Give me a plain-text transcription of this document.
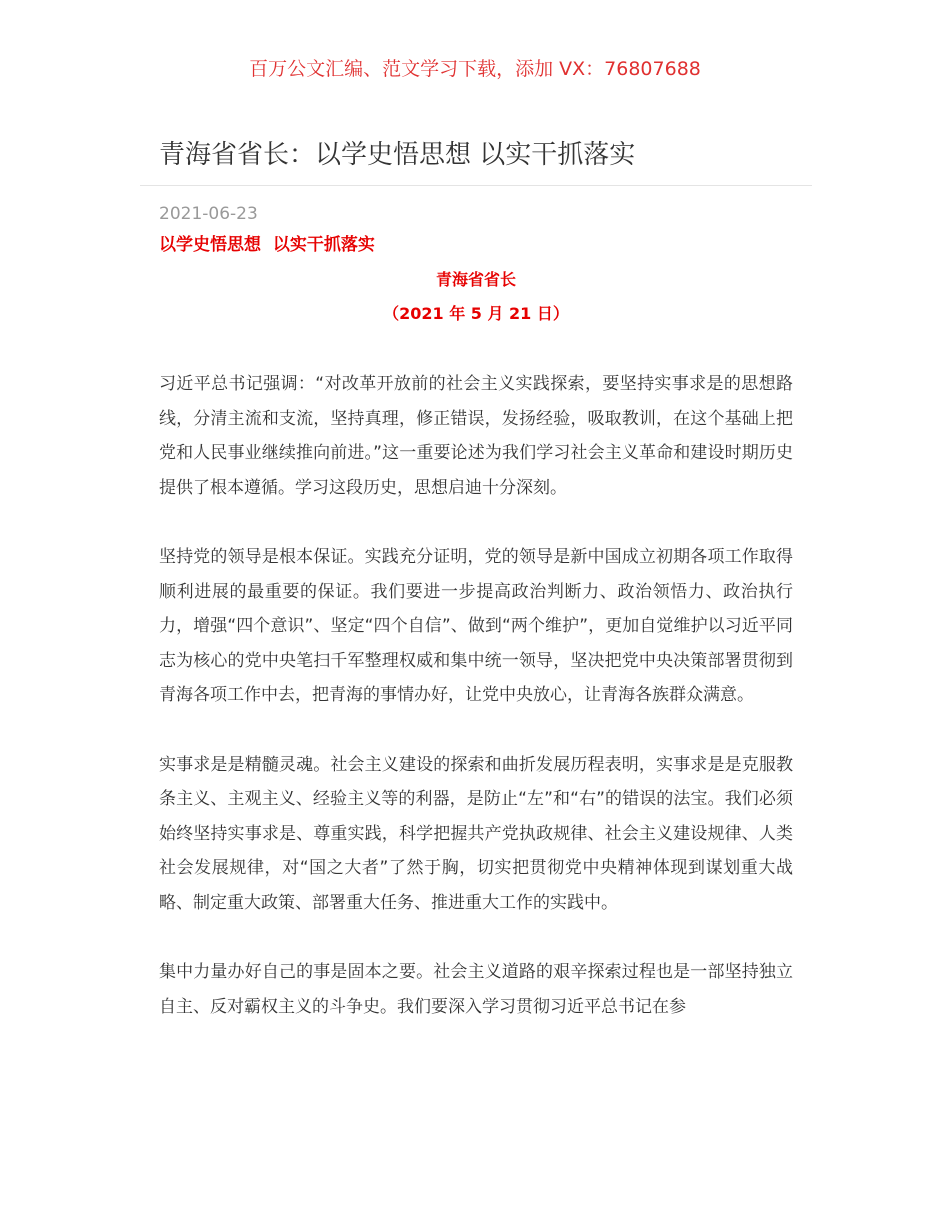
百万公文汇编、范文学习下载，添加 VX：76807688
青海省省长：以学史悟思想 以实干抓落实
2021-06-23
以学史悟思想  以实干抓落实
青海省省长
（2021 年 5 月 21 日）

习近平总书记强调：“对改革开放前的社会主义实践探索，要坚持实事求是的思想路线，分清主流和支流，坚持真理，修正错误，发扬经验，吸取教训，在这个基础上把党和人民事业继续推向前进。”这一重要论述为我们学习社会主义革命和建设时期历史提供了根本遵循。学习这段历史，思想启迪十分深刻。

坚持党的领导是根本保证。实践充分证明，党的领导是新中国成立初期各项工作取得顺利进展的最重要的保证。我们要进一步提高政治判断力、政治领悟力、政治执行力，增强“四个意识”、坚定“四个自信”、做到“两个维护”，更加自觉维护以习近平同志为核心的党中央笔扫千军整理权威和集中统一领导，坚决把党中央决策部署贯彻到青海各项工作中去，把青海的事情办好，让党中央放心，让青海各族群众满意。

实事求是是精髓灵魂。社会主义建设的探索和曲折发展历程表明，实事求是是克服教条主义、主观主义、经验主义等的利器，是防止“左”和“右”的错误的法宝。我们必须始终坚持实事求是、尊重实践，科学把握共产党执政规律、社会主义建设规律、人类社会发展规律，对“国之大者”了然于胸，切实把贯彻党中央精神体现到谋划重大战略、制定重大政策、部署重大任务、推进重大工作的实践中。

集中力量办好自己的事是固本之要。社会主义道路的艰辛探索过程也是一部坚持独立自主、反对霸权主义的斗争史。我们要深入学习贯彻习近平总书记在参
